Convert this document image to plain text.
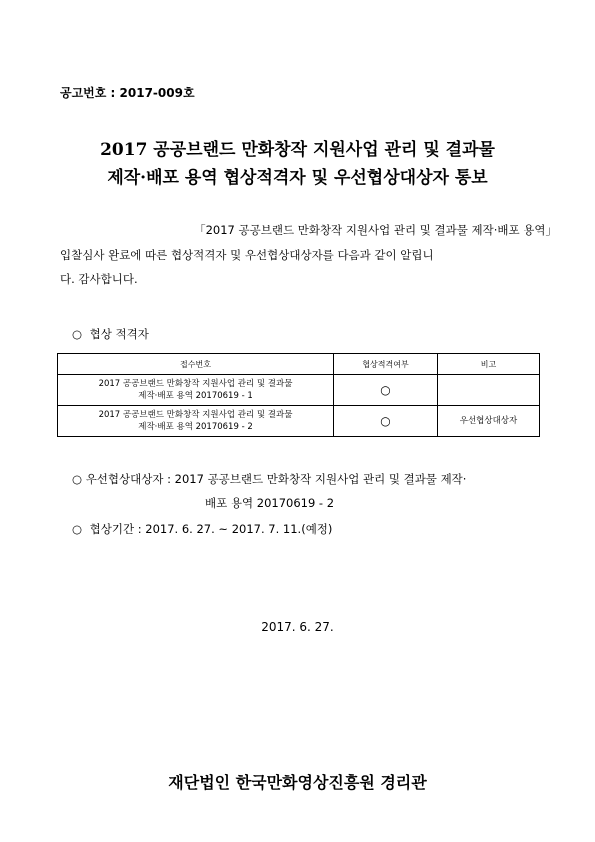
공고번호 : 2017-009호
2017 공공브랜드 만화창작 지원사업 관리 및 결과물
제작·배포 용역 협상적격자 및 우선협상대상자 통보
「2017 공공브랜드 만화창작 지원사업 관리 및 결과물 제작·배포 용역」
입찰심사 완료에 따른 협상적격자 및 우선협상대상자를 다음과 같이 알립니
다. 감사합니다.
○ 협상 적격자
접수번호	협상적격여부	비고

2017 공공브랜드 만화창작 지원사업 관리 및 결과물
제작·배포 용역 20170619 - 1	○	

2017 공공브랜드 만화창작 지원사업 관리 및 결과물
제작·배포 용역 20170619 - 2	○	우선협상대상자
○ 우선협상대상자 : 2017 공공브랜드 만화창작 지원사업 관리 및 결과물 제작·
배포 용역 20170619 - 2
○ 협상기간 : 2017. 6. 27. ~ 2017. 7. 11.(예정)
2017. 6. 27.
재단법인 한국만화영상진흥원 경리관
